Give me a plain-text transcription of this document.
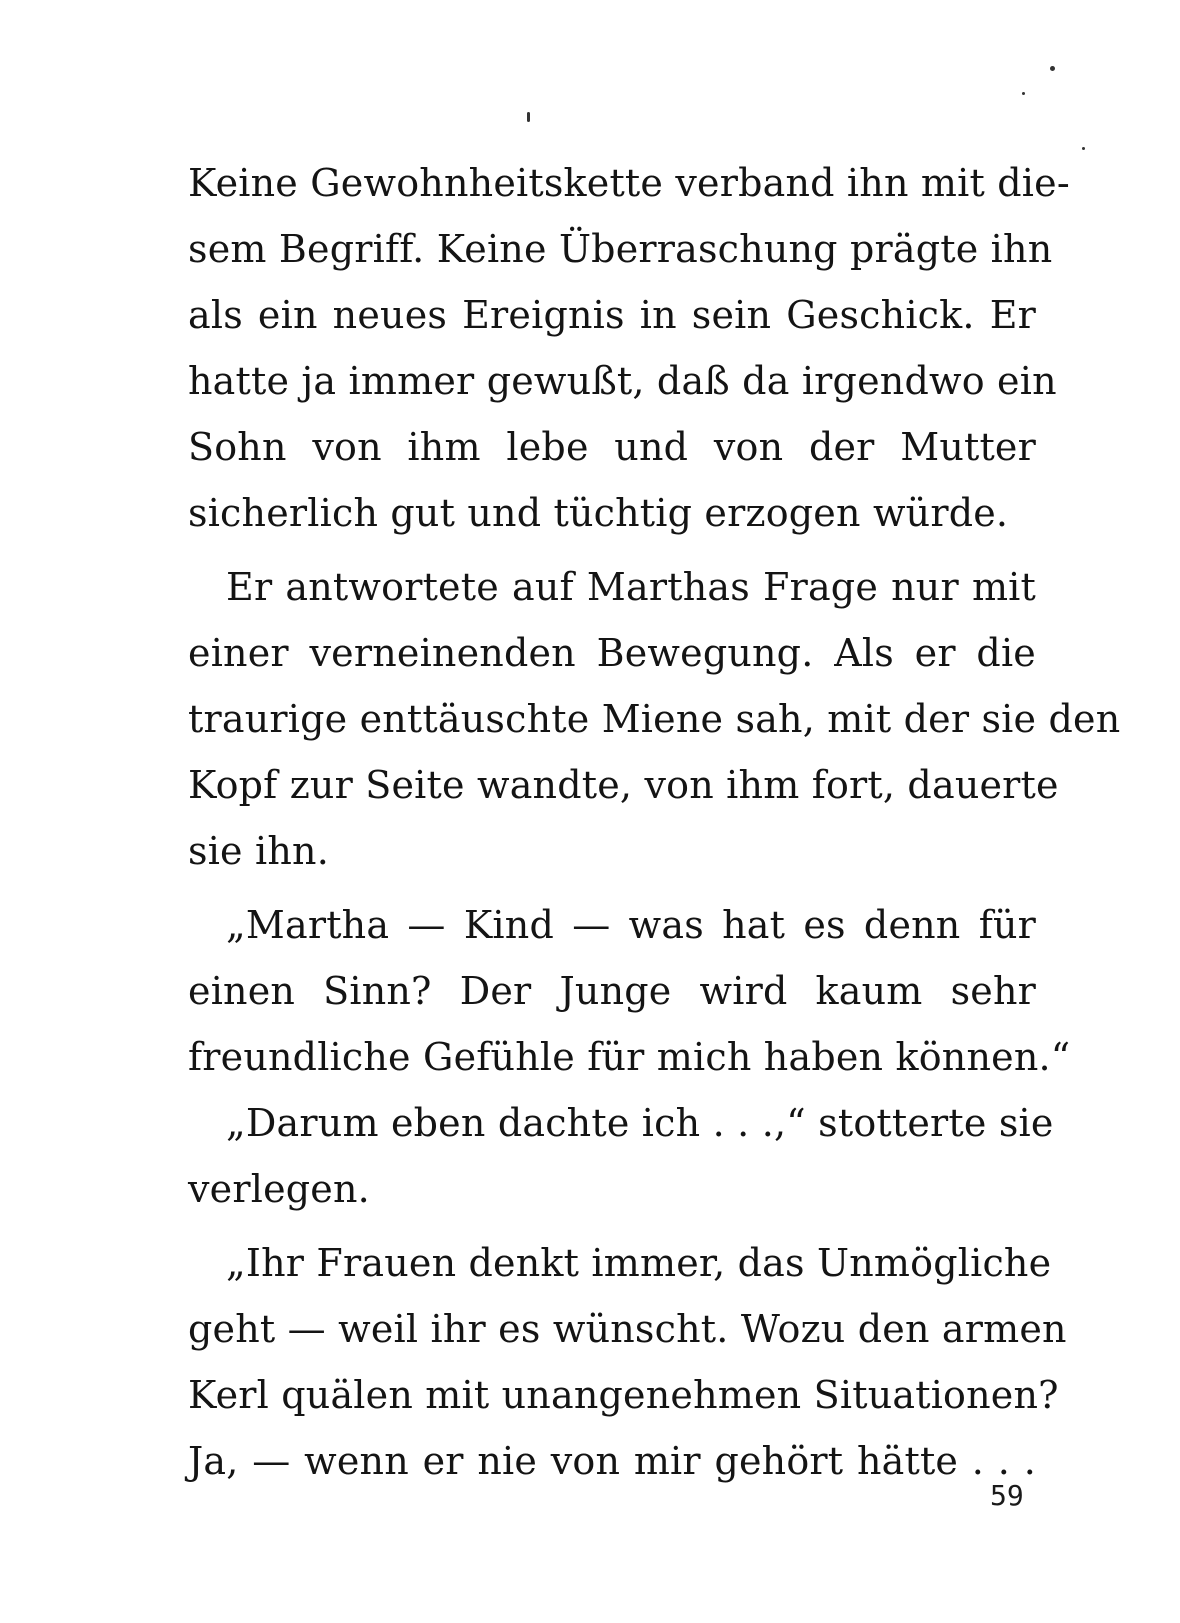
Keine Gewohnheitskette verband ihn mit die-
sem Begriff. Keine Überraschung prägte ihn
als ein neues Ereignis in sein Geschick. Er
hatte ja immer gewußt, daß da irgendwo ein
Sohn von ihm lebe und von der Mutter
sicherlich gut und tüchtig erzogen würde.
Er antwortete auf Marthas Frage nur mit
einer verneinenden Bewegung. Als er die
traurige enttäuschte Miene sah, mit der sie den
Kopf zur Seite wandte, von ihm fort, dauerte
sie ihn.
„Martha — Kind — was hat es denn für
einen Sinn? Der Junge wird kaum sehr
freundliche Gefühle für mich haben können.“
„Darum eben dachte ich . . .,“ stotterte sie
verlegen.
„Ihr Frauen denkt immer, das Unmögliche
geht — weil ihr es wünscht. Wozu den armen
Kerl quälen mit unangenehmen Situationen?
Ja, — wenn er nie von mir gehört hätte . . .
59
